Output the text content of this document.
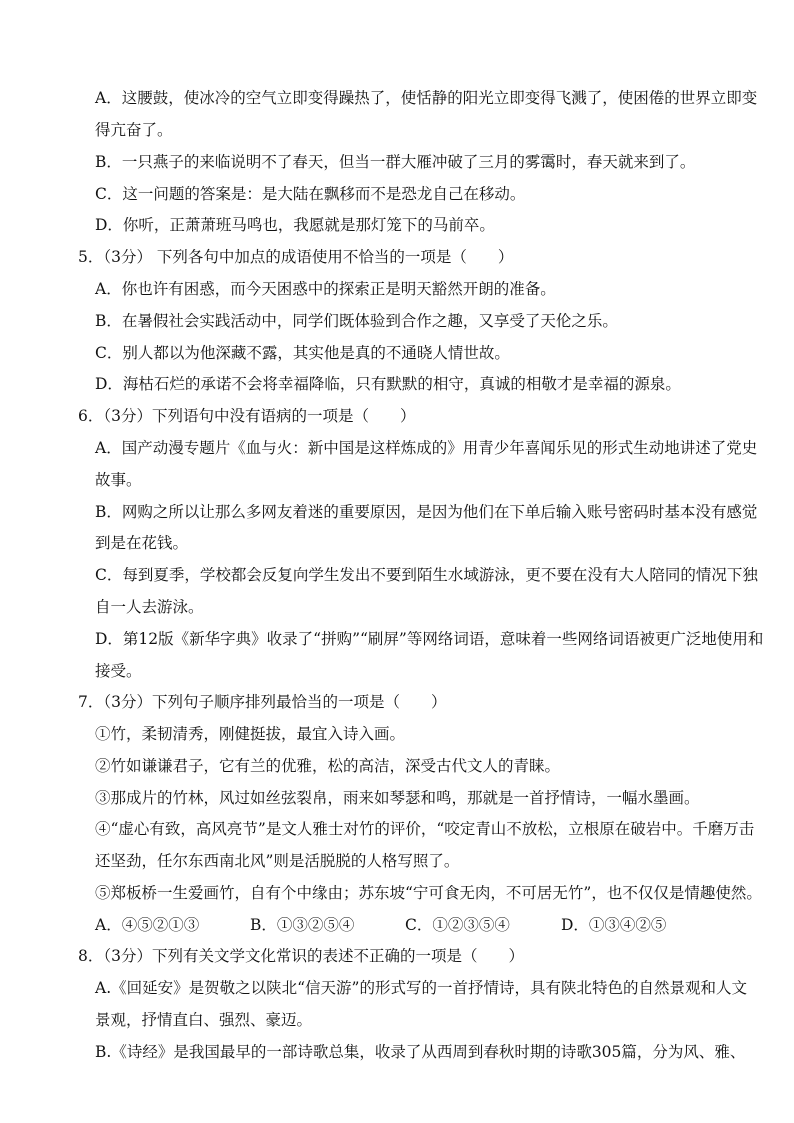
A．这腰鼓，使冰冷的空气立即变得躁热了，使恬静的阳光立即变得飞溅了，使困倦的世界立即变
得亢奋了。
B．一只燕子的来临说明不了春天，但当一群大雁冲破了三月的雾霭时，春天就来到了。
C．这一问题的答案是：是大陆在飘移而不是恐龙自己在移动。
D．你听，正萧萧班马鸣也，我愿就是那灯笼下的马前卒。
5．（3分） 下列各句中加点的成语使用不恰当的一项是（　　）
A．你也许有困惑，而今天困惑中的探索正是明天豁然开朗的准备。
B．在暑假社会实践活动中，同学们既体验到合作之趣，又享受了天伦之乐。
C．别人都以为他深藏不露，其实他是真的不通晓人情世故。
D．海枯石烂的承诺不会将幸福降临，只有默默的相守，真诚的相敬才是幸福的源泉。
6．（3分）下列语句中没有语病的一项是（　　）
A．国产动漫专题片《血与火：新中国是这样炼成的》用青少年喜闻乐见的形式生动地讲述了党史
故事。
B．网购之所以让那么多网友着迷的重要原因，是因为他们在下单后输入账号密码时基本没有感觉
到是在花钱。
C．每到夏季，学校都会反复向学生发出不要到陌生水域游泳，更不要在没有大人陪同的情况下独
自一人去游泳。
D．第12版《新华字典》收录了“拼购”“刷屏”等网络词语，意味着一些网络词语被更广泛地使用和
接受。
7．（3分）下列句子顺序排列最恰当的一项是（　　）
①竹，柔韧清秀，刚健挺拔，最宜入诗入画。
②竹如谦谦君子，它有兰的优雅，松的高洁，深受古代文人的青睐。
③那成片的竹林，风过如丝弦裂帛，雨来如琴瑟和鸣，那就是一首抒情诗，一幅水墨画。
④“虚心有致，高风亮节”是文人雅士对竹的评价，“咬定青山不放松，立根原在破岩中。千磨万击
还坚劲，任尔东西南北风”则是活脱脱的人格写照了。
⑤郑板桥一生爱画竹，自有个中缘由；苏东坡“宁可食无肉，不可居无竹”，也不仅仅是情趣使然。
A．④⑤②①③	B．①③②⑤④	C．①②③⑤④	D．①③④②⑤
8．（3分）下列有关文学文化常识的表述不正确的一项是（　　）
A.《回延安》是贺敬之以陕北“信天游”的形式写的一首抒情诗，具有陕北特色的自然景观和人文
景观，抒情直白、强烈、豪迈。
B.《诗经》是我国最早的一部诗歌总集，收录了从西周到春秋时期的诗歌305篇，分为风、雅、
